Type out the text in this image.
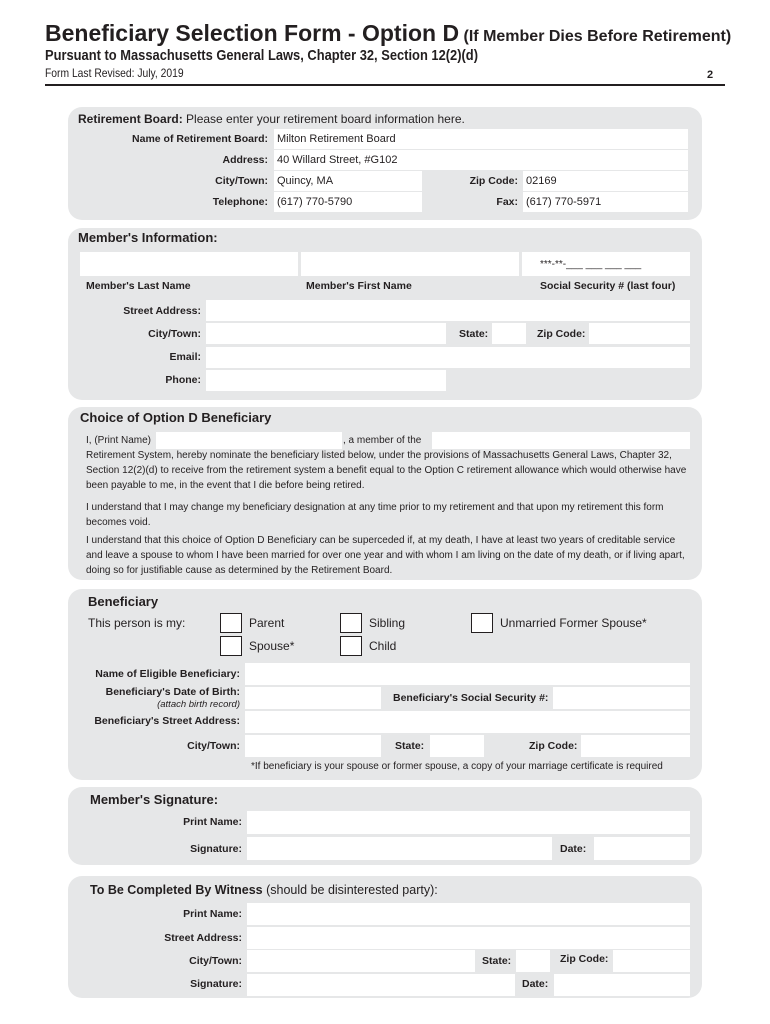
Beneficiary Selection Form - Option D (If Member Dies Before Retirement)
Pursuant to Massachusetts General Laws, Chapter 32, Section 12(2)(d)
Form Last Revised: July, 2019	2
Retirement Board: Please enter your retirement board information here.
Name of Retirement Board: Milton Retirement Board
Address: 40 Willard Street, #G102
City/Town: Quincy, MA	Zip Code: 02169
Telephone: (617) 770-5790	Fax: (617) 770-5971
Member's Information:
***-**-___ ___ ___ ___
Member's Last Name	Member's First Name	Social Security # (last four)
Street Address:
City/Town:	State:	Zip Code:
Email:
Phone:
Choice of Option D Beneficiary
I, (Print Name)	, a member of the
Retirement System, hereby nominate the beneficiary listed below, under the provisions of Massachusetts General Laws, Chapter 32, Section 12(2)(d) to receive from the retirement system a benefit equal to the Option C retirement allowance which would otherwise have been payable to me, in the event that I die before being retired.
I understand that I may change my beneficiary designation at any time prior to my retirement and that upon my retirement this form becomes void.
I understand that this choice of Option D Beneficiary can be superceded if, at my death, I have at least two years of creditable service and leave a spouse to whom I have been married for over one year and with whom I am living on the date of my death, or if living apart, doing so for justifiable cause as determined by the Retirement Board.
Beneficiary
This person is my:	Parent
Spouse*
Sibling
Child
Unmarried Former Spouse*
Name of Eligible Beneficiary:
Beneficiary's Date of Birth:
(attach birth record)
Beneficiary's Social Security #:
Beneficiary's Street Address:
City/Town:	State:	Zip Code:
*If beneficiary is your spouse or former spouse, a copy of your marriage certificate is required
Member's Signature:
Print Name:
Signature:	Date:
To Be Completed By Witness (should be disinterested party):
Print Name:
Street Address:
City/Town:	State:	Zip Code:
Signature:	Date:
